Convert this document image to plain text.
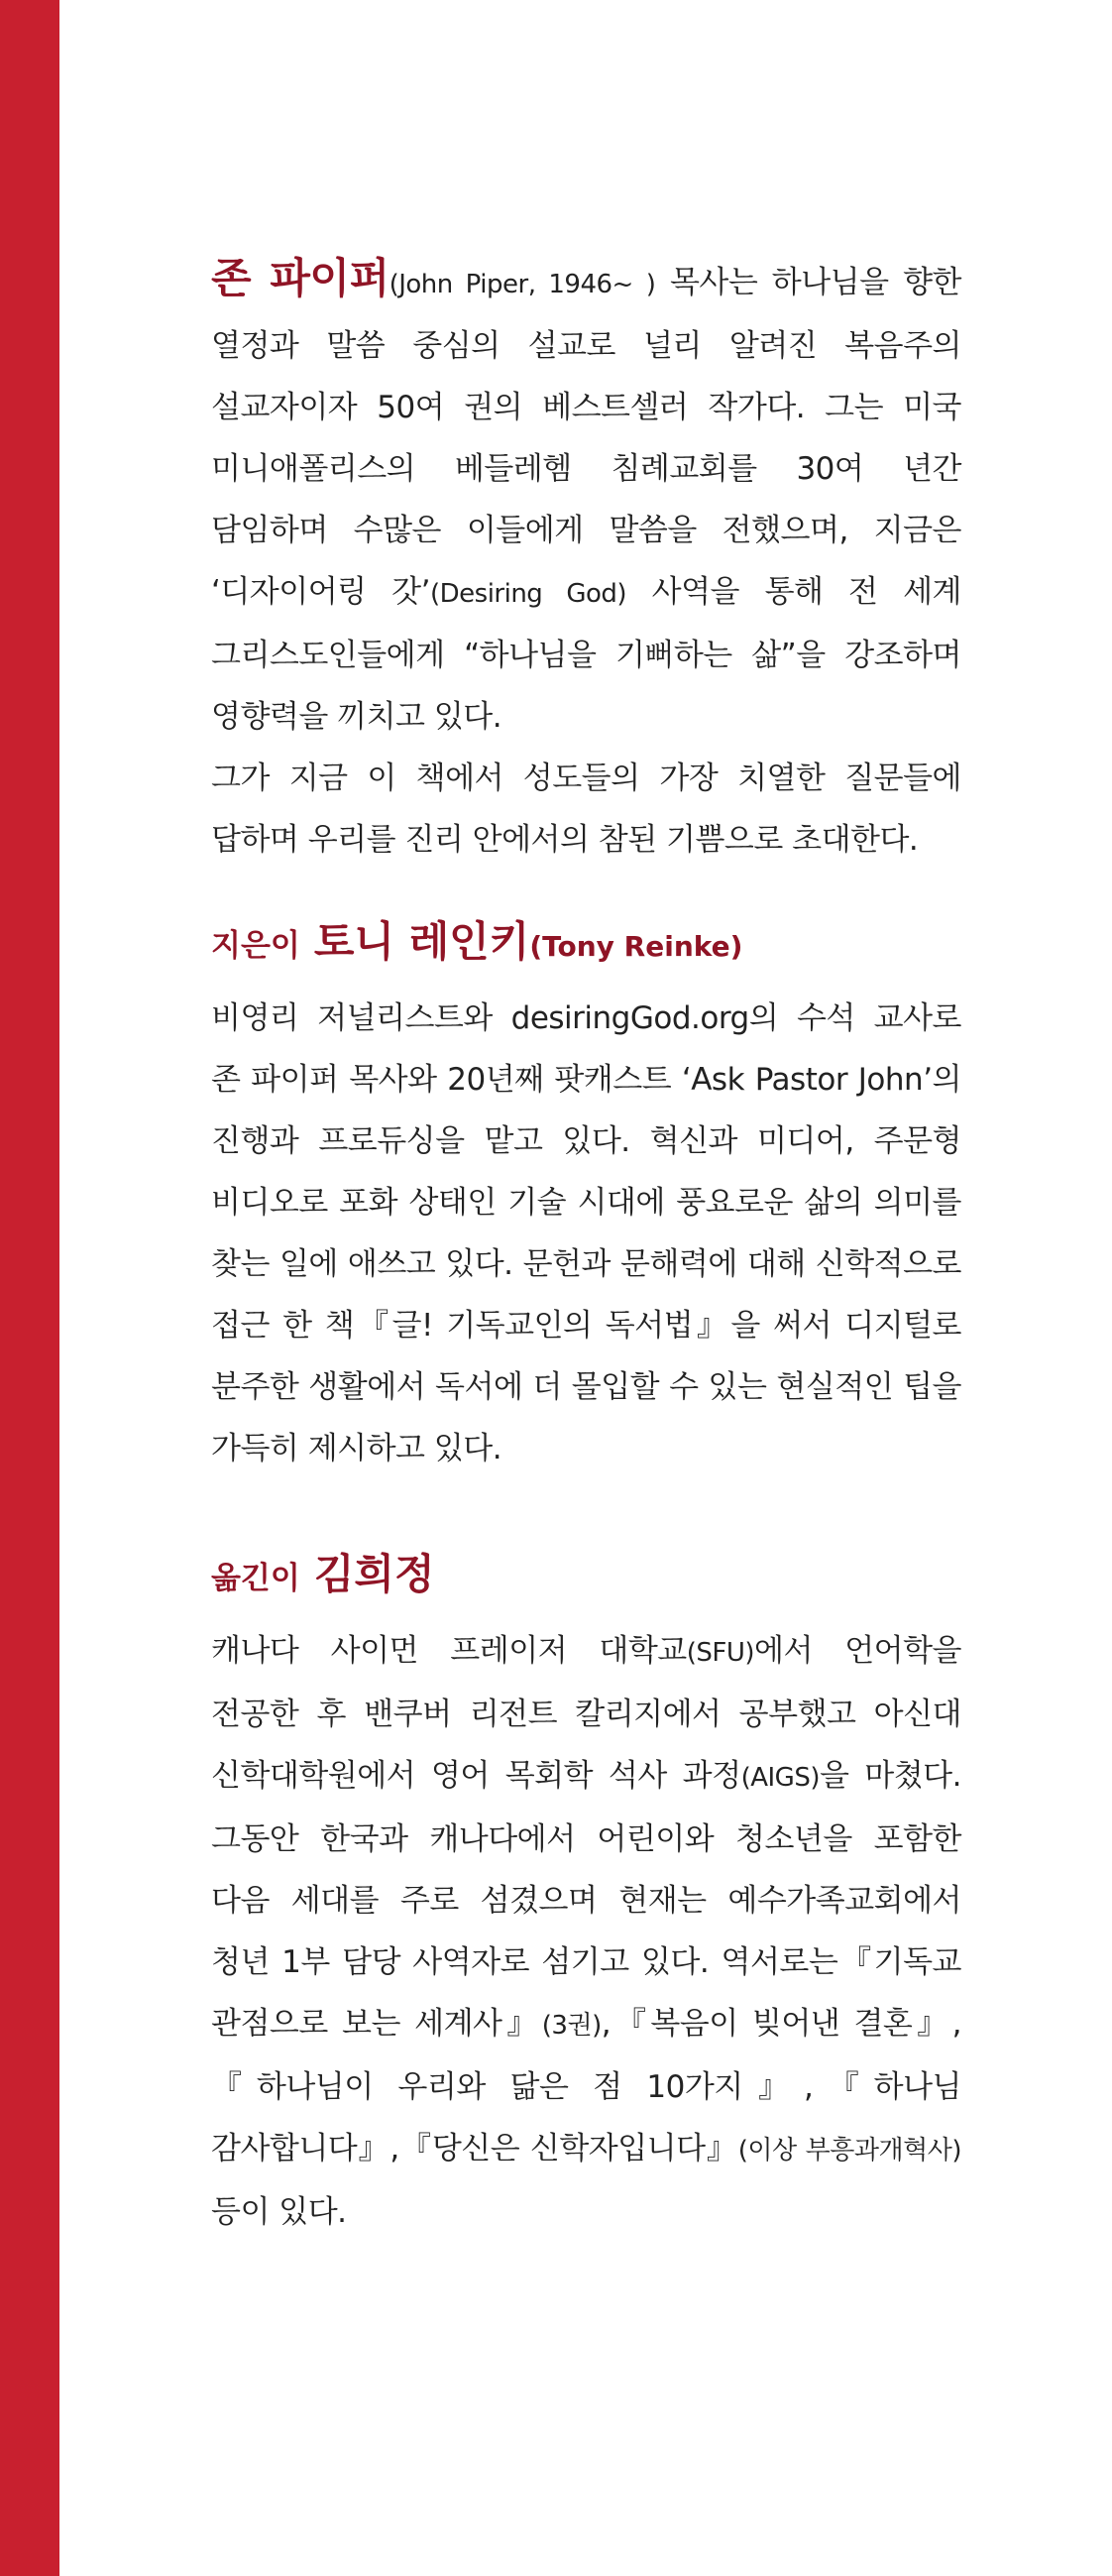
존 파이퍼(John Piper, 1946~ ) 목사는 하나님을 향한 열정과 말씀 중심의 설교로 널리 알려진 복음주의 설교자이자 50여 권의 베스트셀러 작가다. 그는 미국 미니애폴리스의 베들레헴 침례교회를 30여 년간 담임하며 수많은 이들에게 말씀을 전했으며, 지금은 ‘디자이어링 갓’(Desiring God) 사역을 통해 전 세계 그리스도인들에게 “하나님을 기뻐하는 삶”을 강조하며 영향력을 끼치고 있다.

그가 지금 이 책에서 성도들의 가장 치열한 질문들에 답하며 우리를 진리 안에서의 참된 기쁨으로 초대한다.

지은이 토니 레인키(Tony Reinke)

비영리 저널리스트와 desiringGod.org의 수석 교사로 존 파이퍼 목사와 20년째 팟캐스트 ‘Ask Pastor John’의 진행과 프로듀싱을 맡고 있다. 혁신과 미디어, 주문형 비디오로 포화 상태인 기술 시대에 풍요로운 삶의 의미를 찾는 일에 애쓰고 있다. 문헌과 문해력에 대해 신학적으로 접근 한 책『글! 기독교인의 독서법』을 써서 디지털로 분주한 생활에서 독서에 더 몰입할 수 있는 현실적인 팁을 가득히 제시하고 있다.

옮긴이 김희정

캐나다 사이먼 프레이저 대학교(SFU)에서 언어학을 전공한 후 밴쿠버 리전트 칼리지에서 공부했고 아신대 신학대학원에서 영어 목회학 석사 과정(AIGS)을 마쳤다. 그동안 한국과 캐나다에서 어린이와 청소년을 포함한 다음 세대를 주로 섬겼으며 현재는 예수가족교회에서 청년 1부 담당 사역자로 섬기고 있다. 역서로는『기독교 관점으로 보는 세계사』(3권),『복음이 빚어낸 결혼』,『하나님이 우리와 닮은 점 10가지』,『하나님 감사합니다』,『당신은 신학자입니다』(이상 부흥과개혁사) 등이 있다.
